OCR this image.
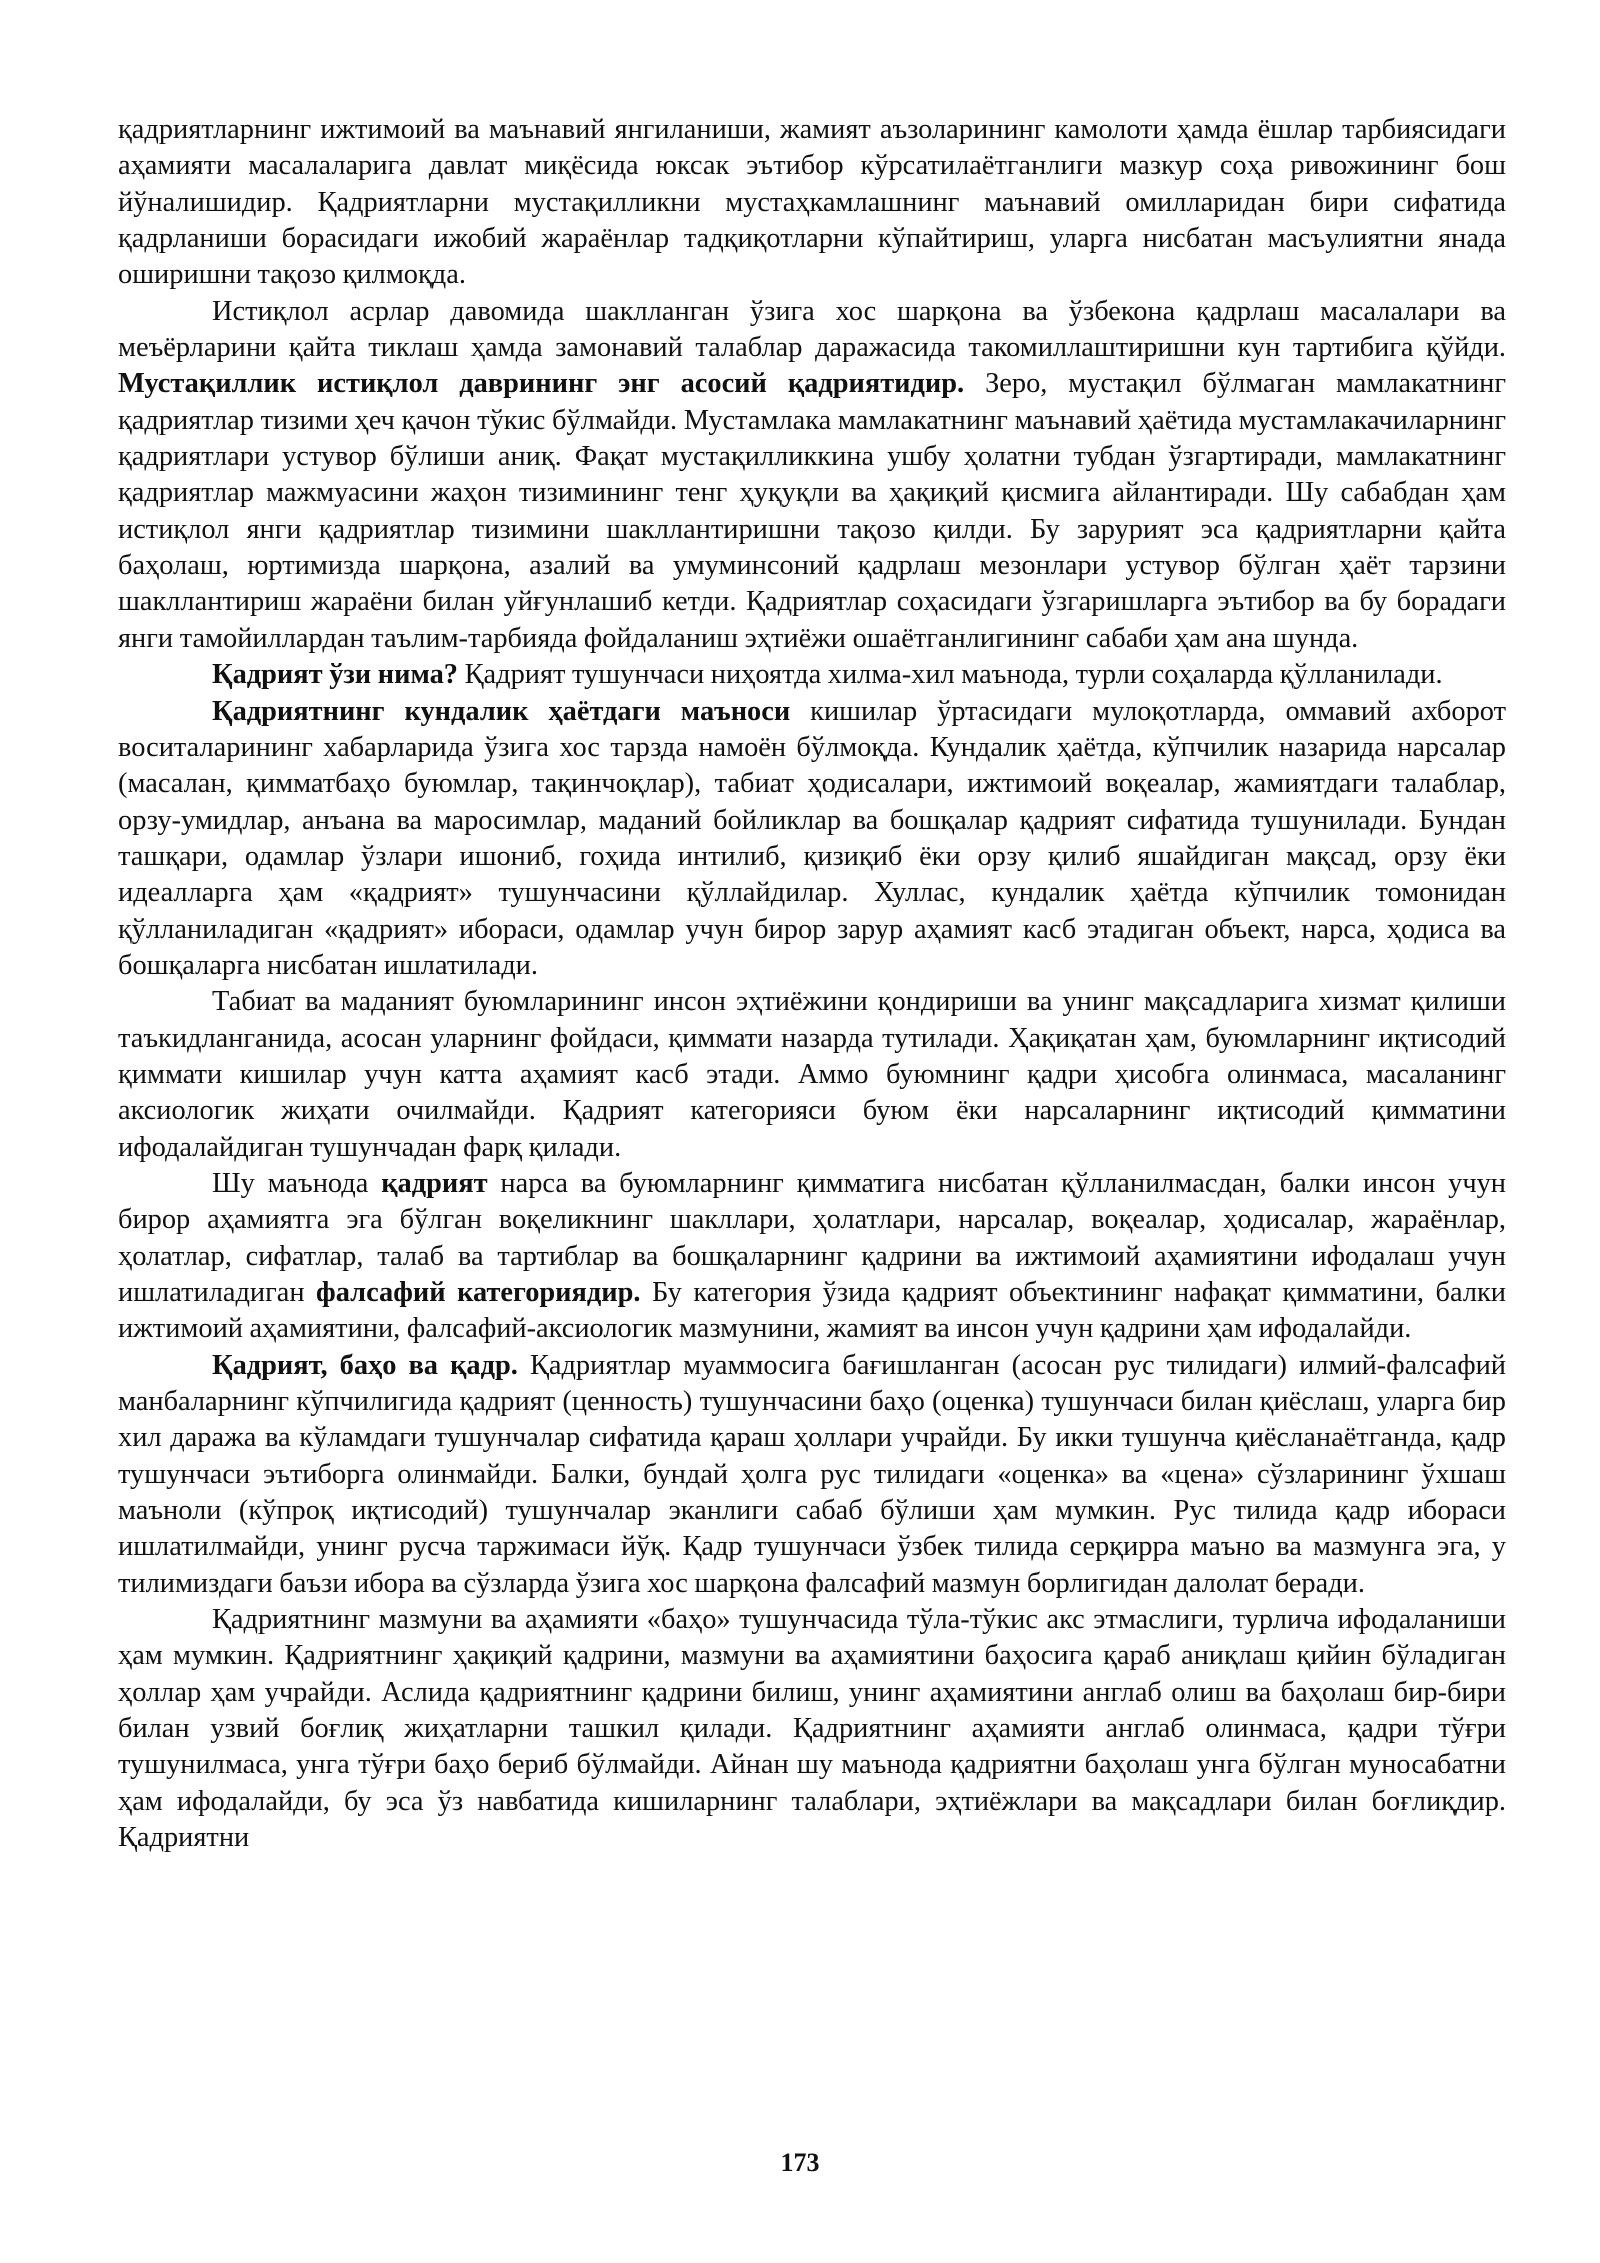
қадриятларнинг ижтимоий ва маънавий янгиланиши, жамият аъзоларининг камолоти ҳамда ёшлар тарбиясидаги аҳамияти масалаларига давлат миқёсида юксак эътибор кўрсатилаётганлиги мазкур соҳа ривожининг бош йўналишидир. Қадриятларни мустақилликни мустаҳкамлашнинг маънавий омилларидан бири сифатида қадрланиши борасидаги ижобий жараёнлар тадқиқотларни кўпайтириш, уларга нисбатан масъулиятни янада оширишни тақозо қилмоқда.

Истиқлол асрлар давомида шаклланган ўзига хос шарқона ва ўзбекона қадрлаш масалалари ва меъёрларини қайта тиклаш ҳамда замонавий талаблар даражасида такомиллаштиришни кун тартибига қўйди. Мустақиллик истиқлол даврининг энг асосий қадриятидир. Зеро, мустақил бўлмаган мамлакатнинг қадриятлар тизими ҳеч қачон тўкис бўлмайди. Мустамлака мамлакатнинг маънавий ҳаётида мустамлакачиларнинг қадриятлари устувор бўлиши аниқ. Фақат мустақилликкина ушбу ҳолатни тубдан ўзгартиради, мамлакатнинг қадриятлар мажмуасини жаҳон тизимининг тенг ҳуқуқли ва ҳақиқий қисмига айлантиради. Шу сабабдан ҳам истиқлол янги қадриятлар тизимини шакллантиришни тақозо қилди. Бу зарурият эса қадриятларни қайта баҳолаш, юртимизда шарқона, азалий ва умуминсоний қадрлаш мезонлари устувор бўлган ҳаёт тарзини шакллантириш жараёни билан уйғунлашиб кетди. Қадриятлар соҳасидаги ўзгаришларга эътибор ва бу борадаги янги тамойиллардан таълим-тарбияда фойдаланиш эҳтиёжи ошаётганлигининг сабаби ҳам ана шунда.

Қадрият ўзи нима? Қадрият тушунчаси ниҳоятда хилма-хил маънода, турли соҳаларда қўлланилади.

Қадриятнинг кундалик ҳаётдаги маъноси кишилар ўртасидаги мулоқотларда, оммавий ахборот воситаларининг хабарларида ўзига хос тарзда намоён бўлмоқда. Кундалик ҳаётда, кўпчилик назарида нарсалар (масалан, қимматбаҳо буюмлар, тақинчоқлар), табиат ҳодисалари, ижтимоий воқеалар, жамиятдаги талаблар, орзу-умидлар, анъана ва маросимлар, маданий бойликлар ва бошқалар қадрият сифатида тушунилади. Бундан ташқари, одамлар ўзлари ишониб, гоҳида интилиб, қизиқиб ёки орзу қилиб яшайдиган мақсад, орзу ёки идеалларга ҳам «қадрият» тушунчасини қўллайдилар. Хуллас, кундалик ҳаётда кўпчилик томонидан қўлланиладиган «қадрият» ибораси, одамлар учун бирор зарур аҳамият касб этадиган объект, нарса, ҳодиса ва бошқаларга нисбатан ишлатилади.

Табиат ва маданият буюмларининг инсон эҳтиёжини қондириши ва унинг мақсадларига хизмат қилиши таъкидланганида, асосан уларнинг фойдаси, қиммати назарда тутилади. Ҳақиқатан ҳам, буюмларнинг иқтисодий қиммати кишилар учун катта аҳамият касб этади. Аммо буюмнинг қадри ҳисобга олинмаса, масаланинг аксиологик жиҳати очилмайди. Қадрият категорияси буюм ёки нарсаларнинг иқтисодий қимматини ифодалайдиган тушунчадан фарқ қилади.

Шу маънода қадрият нарса ва буюмларнинг қимматига нисбатан қўлланилмасдан, балки инсон учун бирор аҳамиятга эга бўлган воқеликнинг шакллари, ҳолатлари, нарсалар, воқеалар, ҳодисалар, жараёнлар, ҳолатлар, сифатлар, талаб ва тартиблар ва бошқаларнинг қадрини ва ижтимоий аҳамиятини ифодалаш учун ишлатиладиган фалсафий категориядир. Бу категория ўзида қадрият объектининг нафақат қимматини, балки ижтимоий аҳамиятини, фалсафий-аксиологик мазмунини, жамият ва инсон учун қадрини ҳам ифодалайди.

Қадрият, баҳо ва қадр. Қадриятлар муаммосига бағишланган (асосан рус тилидаги) илмий-фалсафий манбаларнинг кўпчилигида қадрият (ценность) тушунчасини баҳо (оценка) тушунчаси билан қиёслаш, уларга бир хил даража ва кўламдаги тушунчалар сифатида қараш ҳоллари учрайди. Бу икки тушунча қиёсланаётганда, қадр тушунчаси эътиборга олинмайди. Балки, бундай ҳолга рус тилидаги «оценка» ва «цена» сўзларининг ўхшаш маъноли (кўпроқ иқтисодий) тушунчалар эканлиги сабаб бўлиши ҳам мумкин. Рус тилида қадр ибораси ишлатилмайди, унинг русча таржимаси йўқ. Қадр тушунчаси ўзбек тилида серқирра маъно ва мазмунга эга, у тилимиздаги баъзи ибора ва сўзларда ўзига хос шарқона фалсафий мазмун борлигидан далолат беради.

Қадриятнинг мазмуни ва аҳамияти «баҳо» тушунчасида тўла-тўкис акс этмаслиги, турлича ифодаланиши ҳам мумкин. Қадриятнинг ҳақиқий қадрини, мазмуни ва аҳамиятини баҳосига қараб аниқлаш қийин бўладиган ҳоллар ҳам учрайди. Аслида қадриятнинг қадрини билиш, унинг аҳамиятини англаб олиш ва баҳолаш бир-бири билан узвий боғлиқ жиҳатларни ташкил қилади. Қадриятнинг аҳамияти англаб олинмаса, қадри тўғри тушунилмаса, унга тўғри баҳо бериб бўлмайди. Айнан шу маънода қадриятни баҳолаш унга бўлган муносабатни ҳам ифодалайди, бу эса ўз навбатида кишиларнинг талаблари, эҳтиёжлари ва мақсадлари билан боғлиқдир. Қадриятни

173
